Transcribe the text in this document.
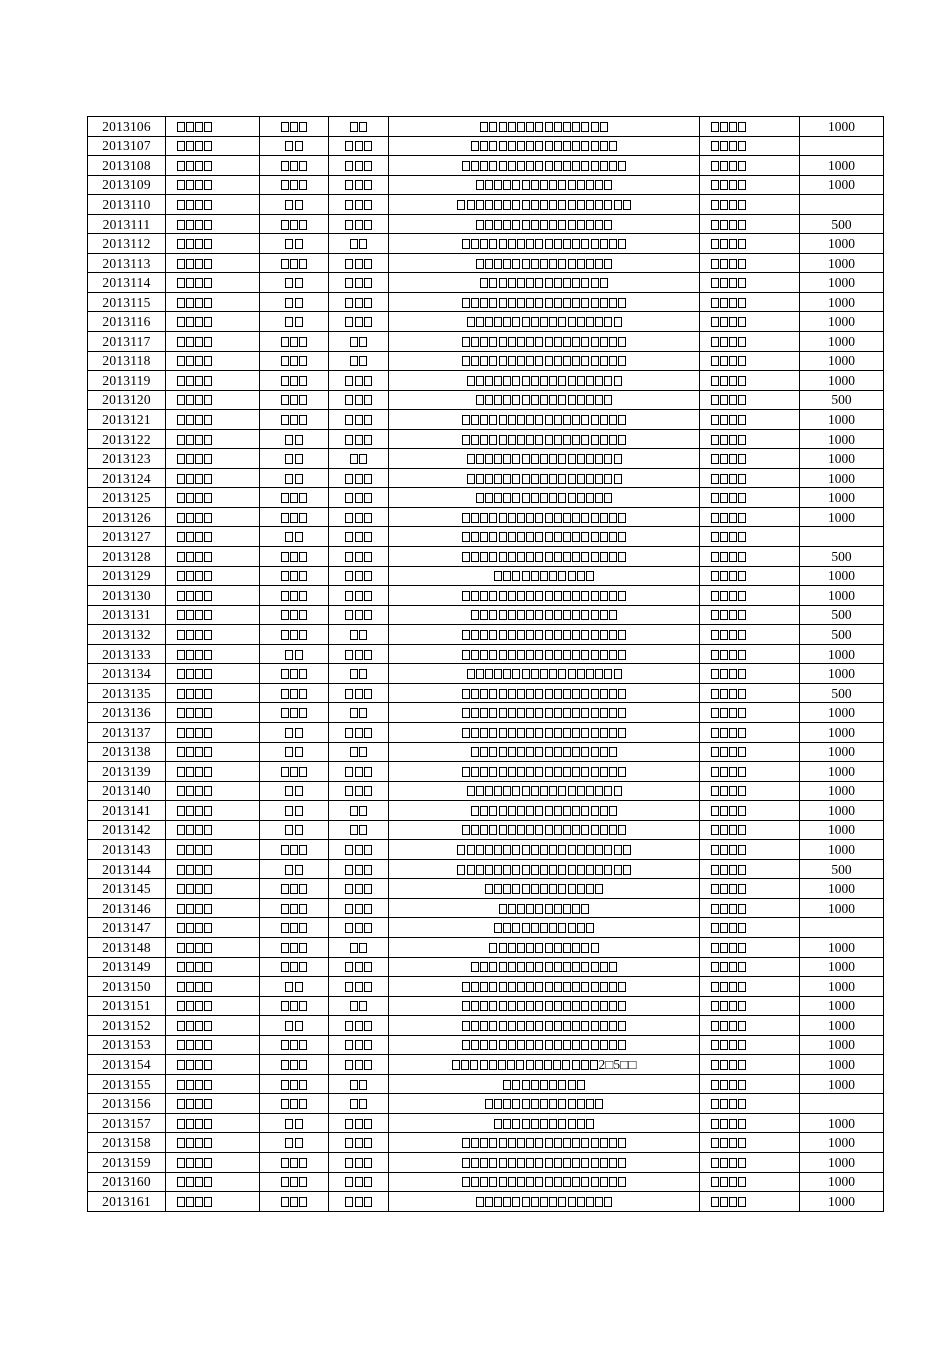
2013106						1000
2013107						
2013108						1000
2013109						1000
2013110						
2013111						500
2013112						1000
2013113						1000
2013114						1000
2013115						1000
2013116						1000
2013117						1000
2013118						1000
2013119						1000
2013120						500
2013121						1000
2013122						1000
2013123						1000
2013124						1000
2013125						1000
2013126						1000
2013127						
2013128						500
2013129						1000
2013130						1000
2013131						500
2013132						500
2013133						1000
2013134						1000
2013135						500
2013136						1000
2013137						1000
2013138						1000
2013139						1000
2013140						1000
2013141						1000
2013142						1000
2013143						1000
2013144						500
2013145						1000
2013146						1000
2013147						
2013148						1000
2013149						1000
2013150						1000
2013151						1000
2013152						1000
2013153						1000
2013154				2□5□□		1000
2013155						1000
2013156						
2013157						1000
2013158						1000
2013159						1000
2013160						1000
2013161						1000
